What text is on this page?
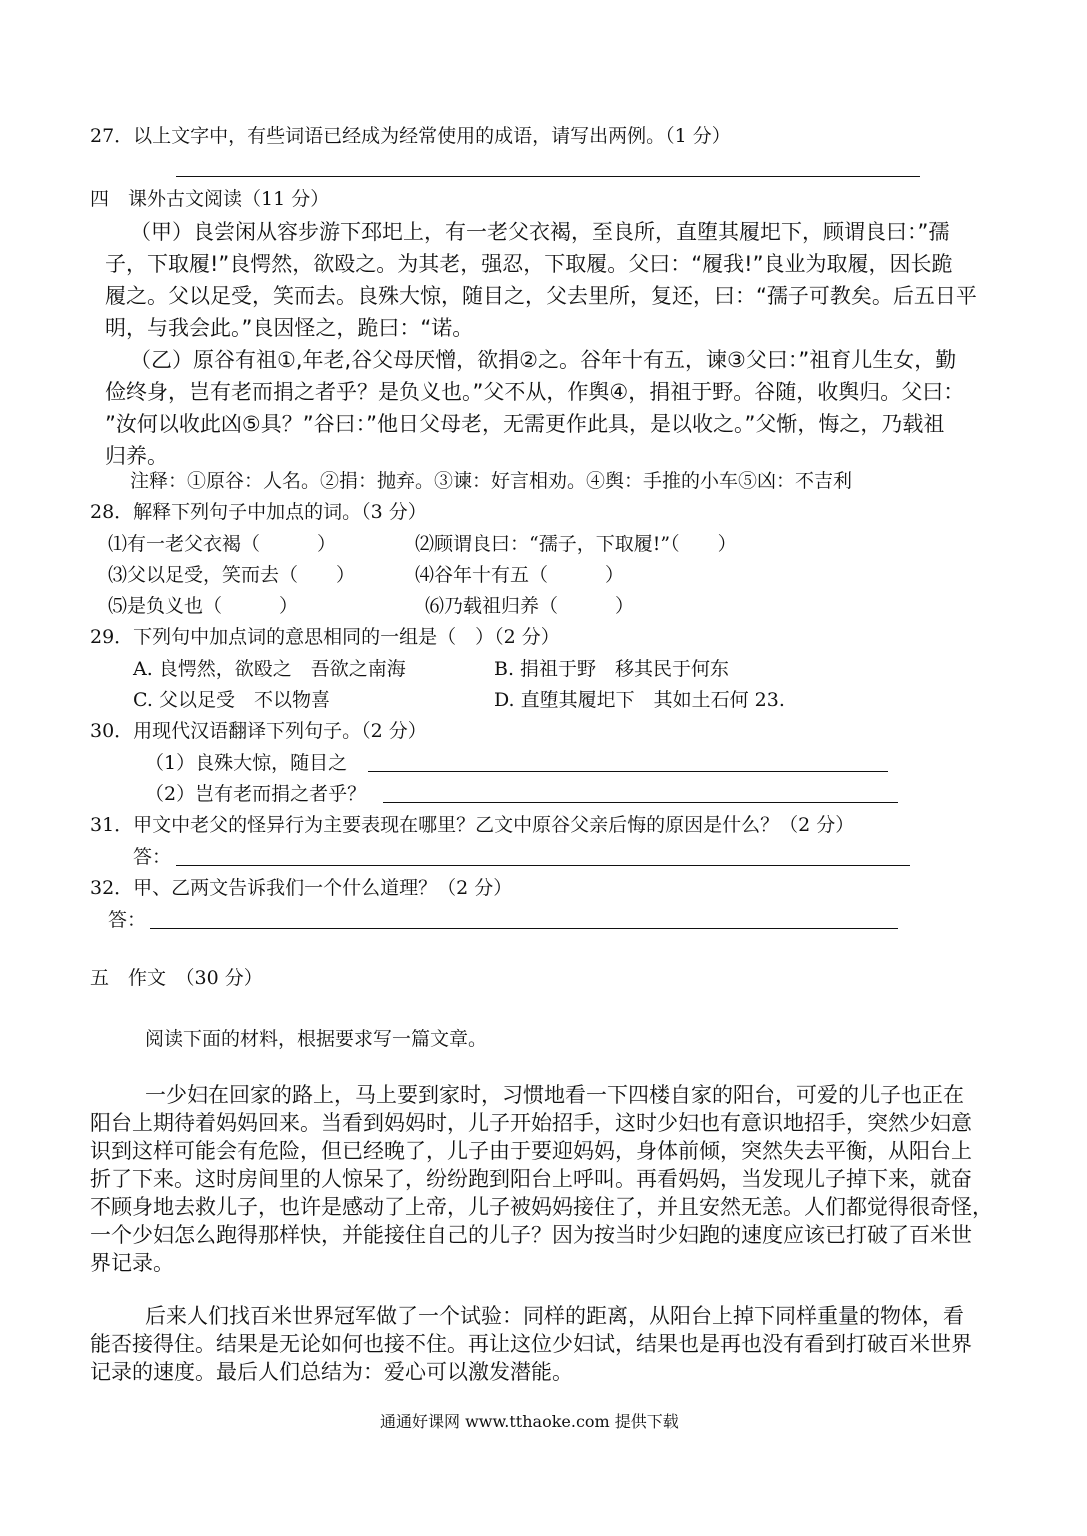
27．以上文字中，有些词语已经成为经常使用的成语，请写出两例。（1 分）
四　课外古文阅读（11 分）
（甲）良尝闲从容步游下邳圯上，有一老父衣褐，至良所，直堕其履圯下，顾谓良曰：”孺
子，下取履!”良愕然，欲殴之。为其老，强忍，下取履。父曰：“履我!”良业为取履，因长跪
履之。父以足受，笑而去。良殊大惊，随目之，父去里所，复还，曰：“孺子可教矣。后五日平
明，与我会此。”良因怪之，跪曰：“诺。
（乙）原谷有祖①,年老,谷父母厌憎，欲捐②之。谷年十有五，谏③父曰：”祖育儿生女，勤
俭终身，岂有老而捐之者乎？是负义也。”父不从，作舆④，捐祖于野。谷随，收舆归。父曰：
”汝何以收此凶⑤具？”谷曰：”他日父母老，无需更作此具，是以收之。”父惭，悔之，乃载祖
归养。
注释：①原谷：人名。②捐：抛弃。③谏：好言相劝。④舆：手推的小车⑤凶：不吉利
28．解释下列句子中加点的词。（3 分）
⑴有一老父衣褐（　　　）	⑵顾谓良曰：“孺子，下取履!”（　　）
⑶父以足受，笑而去（　　）	⑷谷年十有五（　　　）
⑸是负义也（　　　）	⑹乃载祖归养（　　　）
29．下列句中加点词的意思相同的一组是（　）（2 分）
A. 良愕然，欲殴之　吾欲之南海	B. 捐祖于野　移其民于何东
C. 父以足受　不以物喜	D. 直堕其履圯下　其如土石何 23.
30．用现代汉语翻译下列句子。（2 分）
（1）良殊大惊，随目之
（2）岂有老而捐之者乎？
31．甲文中老父的怪异行为主要表现在哪里？乙文中原谷父亲后悔的原因是什么？（2 分）
答：
32．甲、乙两文告诉我们一个什么道理？（2 分）
答：
五　作文　（30 分）
阅读下面的材料，根据要求写一篇文章。
一少妇在回家的路上，马上要到家时，习惯地看一下四楼自家的阳台，可爱的儿子也正在
阳台上期待着妈妈回来。当看到妈妈时，儿子开始招手，这时少妇也有意识地招手，突然少妇意
识到这样可能会有危险，但已经晚了，儿子由于要迎妈妈，身体前倾，突然失去平衡，从阳台上
折了下来。这时房间里的人惊呆了，纷纷跑到阳台上呼叫。再看妈妈，当发现儿子掉下来，就奋
不顾身地去救儿子，也许是感动了上帝，儿子被妈妈接住了，并且安然无恙。人们都觉得很奇怪，
一个少妇怎么跑得那样快，并能接住自己的儿子？因为按当时少妇跑的速度应该已打破了百米世
界记录。
后来人们找百米世界冠军做了一个试验：同样的距离，从阳台上掉下同样重量的物体，看
能否接得住。结果是无论如何也接不住。再让这位少妇试，结果也是再也没有看到打破百米世界
记录的速度。最后人们总结为：爱心可以激发潜能。
通通好课网 www.tthaoke.com 提供下载
